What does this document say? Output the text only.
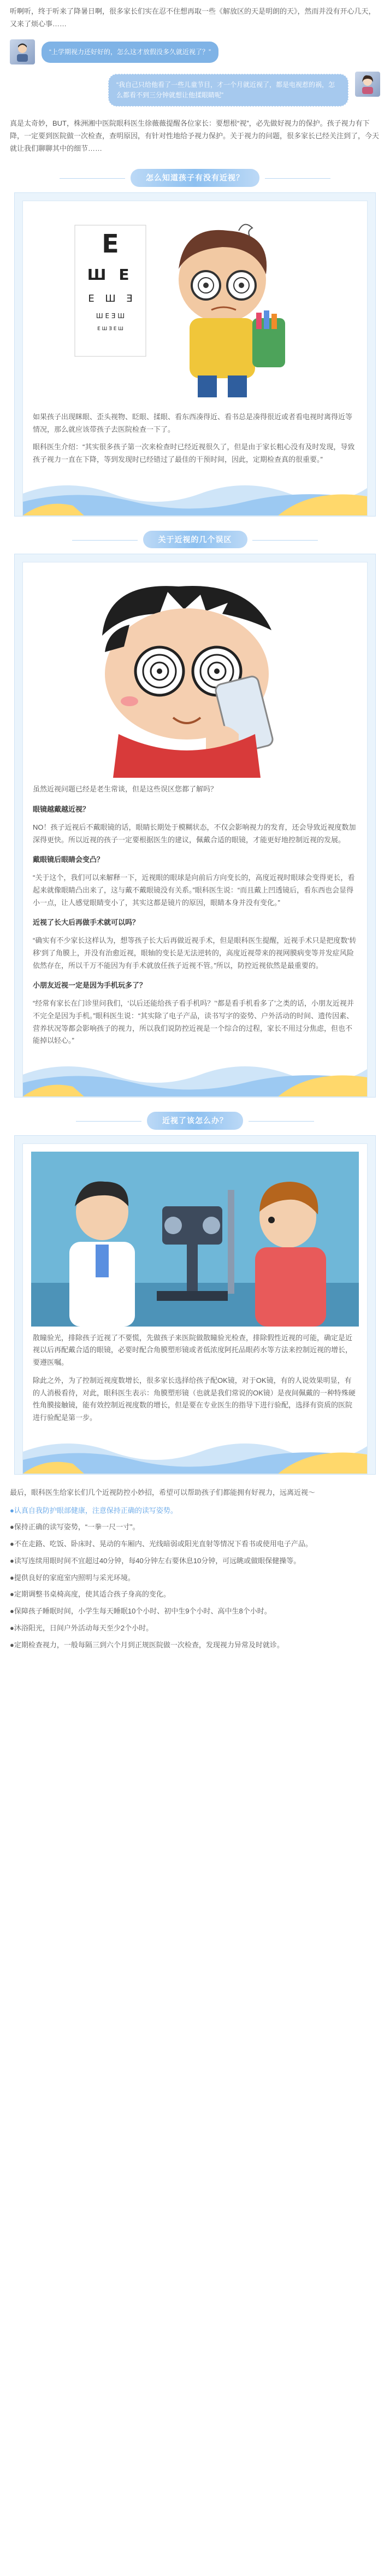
听啊听，终于听来了降暑日啊，很多家长们实在忍不住想再取一些《解放区的天是明朗的天》，然而并没有开心几天，又来了烦心事……

“上学期视力还好好的，怎么这才放假没多久就近视了？”
“我自己只给他看了一些儿童节目，才一个月就近视了，都是电视惹的祸，怎么都看不到三分钟就想让他揉眼睛呢”

真是太奇妙，BUT，株洲湘中医院眼科医生徐薇薇提醒各位家长：要想根“视”，必先做好视力的保护。孩子视力有下降，一定要到医院做一次检查，查明原因，有针对性地给予视力保护。关于视力的问题，很多家长已经关注到了，今天就让我们聊聊其中的细节……

怎么知道孩子有没有近视？
E
Ш E
E Ш Ǝ
Ш E Ǝ Ш
E Ш Ǝ E Ш

如果孩子出现眯眼、歪头视物、眨眼、揉眼、看东西凑得近、看书总是凑得很近或者看电视时离得近等情况，那么就应该带孩子去医院检查一下了。

眼科医生介绍：“其实很多孩子第一次来检查时已经近视很久了，但是由于家长粗心没有及时发现，导致孩子视力一直在下降，等到发现时已经错过了最佳的干预时间，因此，定期检查真的很重要。”

关于近视的几个误区

虽然近视问题已经是老生常谈，但是这些误区您都了解吗？

眼镜越戴越近视？

NO！孩子近视后不戴眼镜的话，眼睛长期处于模糊状态，不仅会影响视力的发育，还会导致近视度数加深得更快。所以近视的孩子一定要根据医生的建议，佩戴合适的眼镜，才能更好地控制近视的发展。

戴眼镜后眼睛会变凸？

“关于这个，我们可以来解释一下，近视眼的眼球是向前后方向变长的，高度近视时眼球会变得更长，看起来就像眼睛凸出来了，这与戴不戴眼镜没有关系。”眼科医生说：“而且戴上凹透镜后，看东西也会显得小一点，让人感觉眼睛变小了，其实这都是镜片的原因，眼睛本身并没有变化。”

近视了长大后再做手术就可以吗？

“确实有不少家长这样认为，想等孩子长大后再做近视手术，但是眼科医生提醒，近视手术只是把度数‘转移’到了角膜上，并没有治愈近视，眼轴的变长是无法逆转的，高度近视带来的视网膜病变等并发症风险依然存在，所以千万不能因为有手术就放任孩子近视不管。”所以，防控近视依然是最重要的。

小朋友近视一定是因为手机玩多了？

“经常有家长在门诊里问我们，‘以后还能给孩子看手机吗？’‘都是看手机看多了’之类的话，小朋友近视并不完全是因为手机。”眼科医生说：“其实除了电子产品，读书写字的姿势、户外活动的时间、遗传因素、营养状况等都会影响孩子的视力，所以我们说防控近视是一个综合的过程，家长不用过分焦虑，但也不能掉以轻心。”

近视了该怎么办？

散瞳验光，排除孩子近视了不要慌，先做孩子来医院做散瞳验光检查，排除假性近视的可能，确定是近视以后再配戴合适的眼镜，必要时配合角膜塑形镜或者低浓度阿托品眼药水等方法来控制近视的增长，要遵医嘱。

除此之外，为了控制近视度数增长，很多家长选择给孩子配OK镜，对于OK镜，有的人说效果明显，有的人消极看待，对此，眼科医生表示：角膜塑形镜（也就是我们常说的OK镜）是夜间佩戴的一种特殊硬性角膜接触镜，能有效控制近视度数的增长，但是要在专业医生的指导下进行验配，选择有资质的医院进行验配是第一步。

最后，眼科医生给家长们几个近视防控小妙招，希望可以帮助孩子们都能拥有好视力，远离近视～

●认真自我防护眼部健康，注意保持正确的读写姿势。

●保持正确的读写姿势，“一拳一尺一寸”。

●不在走路、吃饭、卧床时、晃动的车厢内、光线暗弱或阳光直射等情况下看书或使用电子产品。

●读写连续用眼时间不宜超过40分钟，每40分钟左右要休息10分钟，可远眺或做眼保健操等。

●提供良好的家庭室内照明与采光环境。

●定期调整书桌椅高度，使其适合孩子身高的变化。

●保障孩子睡眠时间，小学生每天睡眠10个小时、初中生9个小时、高中生8个小时。

●沐浴阳光，日间户外活动每天至少2个小时。

●定期检查视力，一般每隔三到六个月到正规医院做一次检查，发现视力异常及时就诊。
